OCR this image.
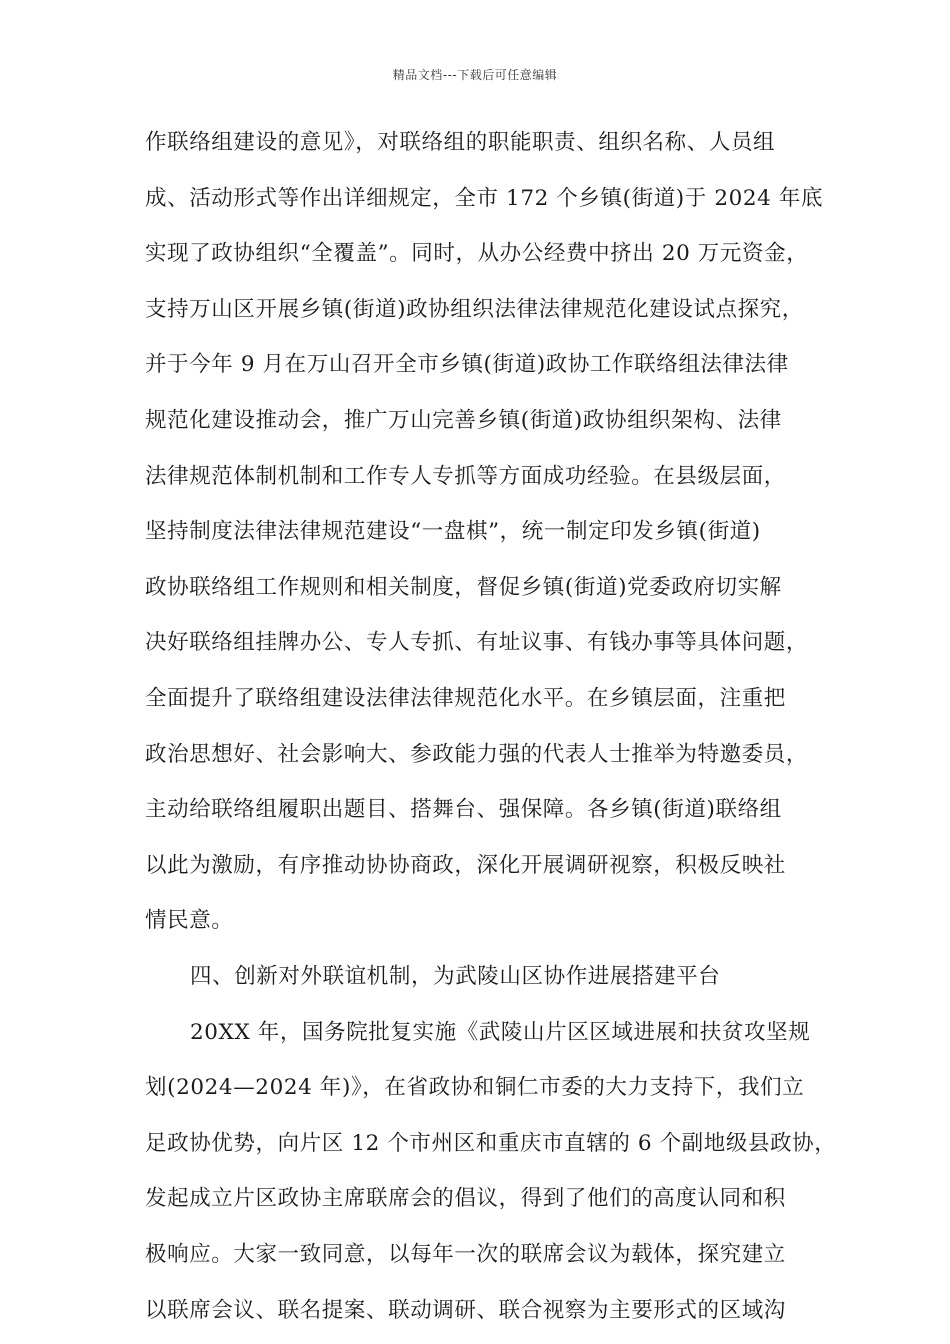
精品文档---下载后可任意编辑
作联络组建设的意见》，对联络组的职能职责、组织名称、人员组
成、活动形式等作出详细规定，全市 172 个乡镇(街道)于 2024 年底
实现了政协组织“全覆盖”。同时，从办公经费中挤出 20 万元资金，
支持万山区开展乡镇(街道)政协组织法律法律规范化建设试点探究，
并于今年 9 月在万山召开全市乡镇(街道)政协工作联络组法律法律
规范化建设推动会，推广万山完善乡镇(街道)政协组织架构、法律
法律规范体制机制和工作专人专抓等方面成功经验。在县级层面，
坚持制度法律法律规范建设“一盘棋”，统一制定印发乡镇(街道)
政协联络组工作规则和相关制度，督促乡镇(街道)党委政府切实解
决好联络组挂牌办公、专人专抓、有址议事、有钱办事等具体问题，
全面提升了联络组建设法律法律规范化水平。在乡镇层面，注重把
政治思想好、社会影响大、参政能力强的代表人士推举为特邀委员，
主动给联络组履职出题目、搭舞台、强保障。各乡镇(街道)联络组
以此为激励，有序推动协协商政，深化开展调研视察，积极反映社
情民意。
四、创新对外联谊机制，为武陵山区协作进展搭建平台
20XX 年，国务院批复实施《武陵山片区区域进展和扶贫攻坚规
划(2024—2024 年)》，在省政协和铜仁市委的大力支持下，我们立
足政协优势，向片区 12 个市州区和重庆市直辖的 6 个副地级县政协，
发起成立片区政协主席联席会的倡议，得到了他们的高度认同和积
极响应。大家一致同意，以每年一次的联席会议为载体，探究建立
以联席会议、联名提案、联动调研、联合视察为主要形式的区域沟
